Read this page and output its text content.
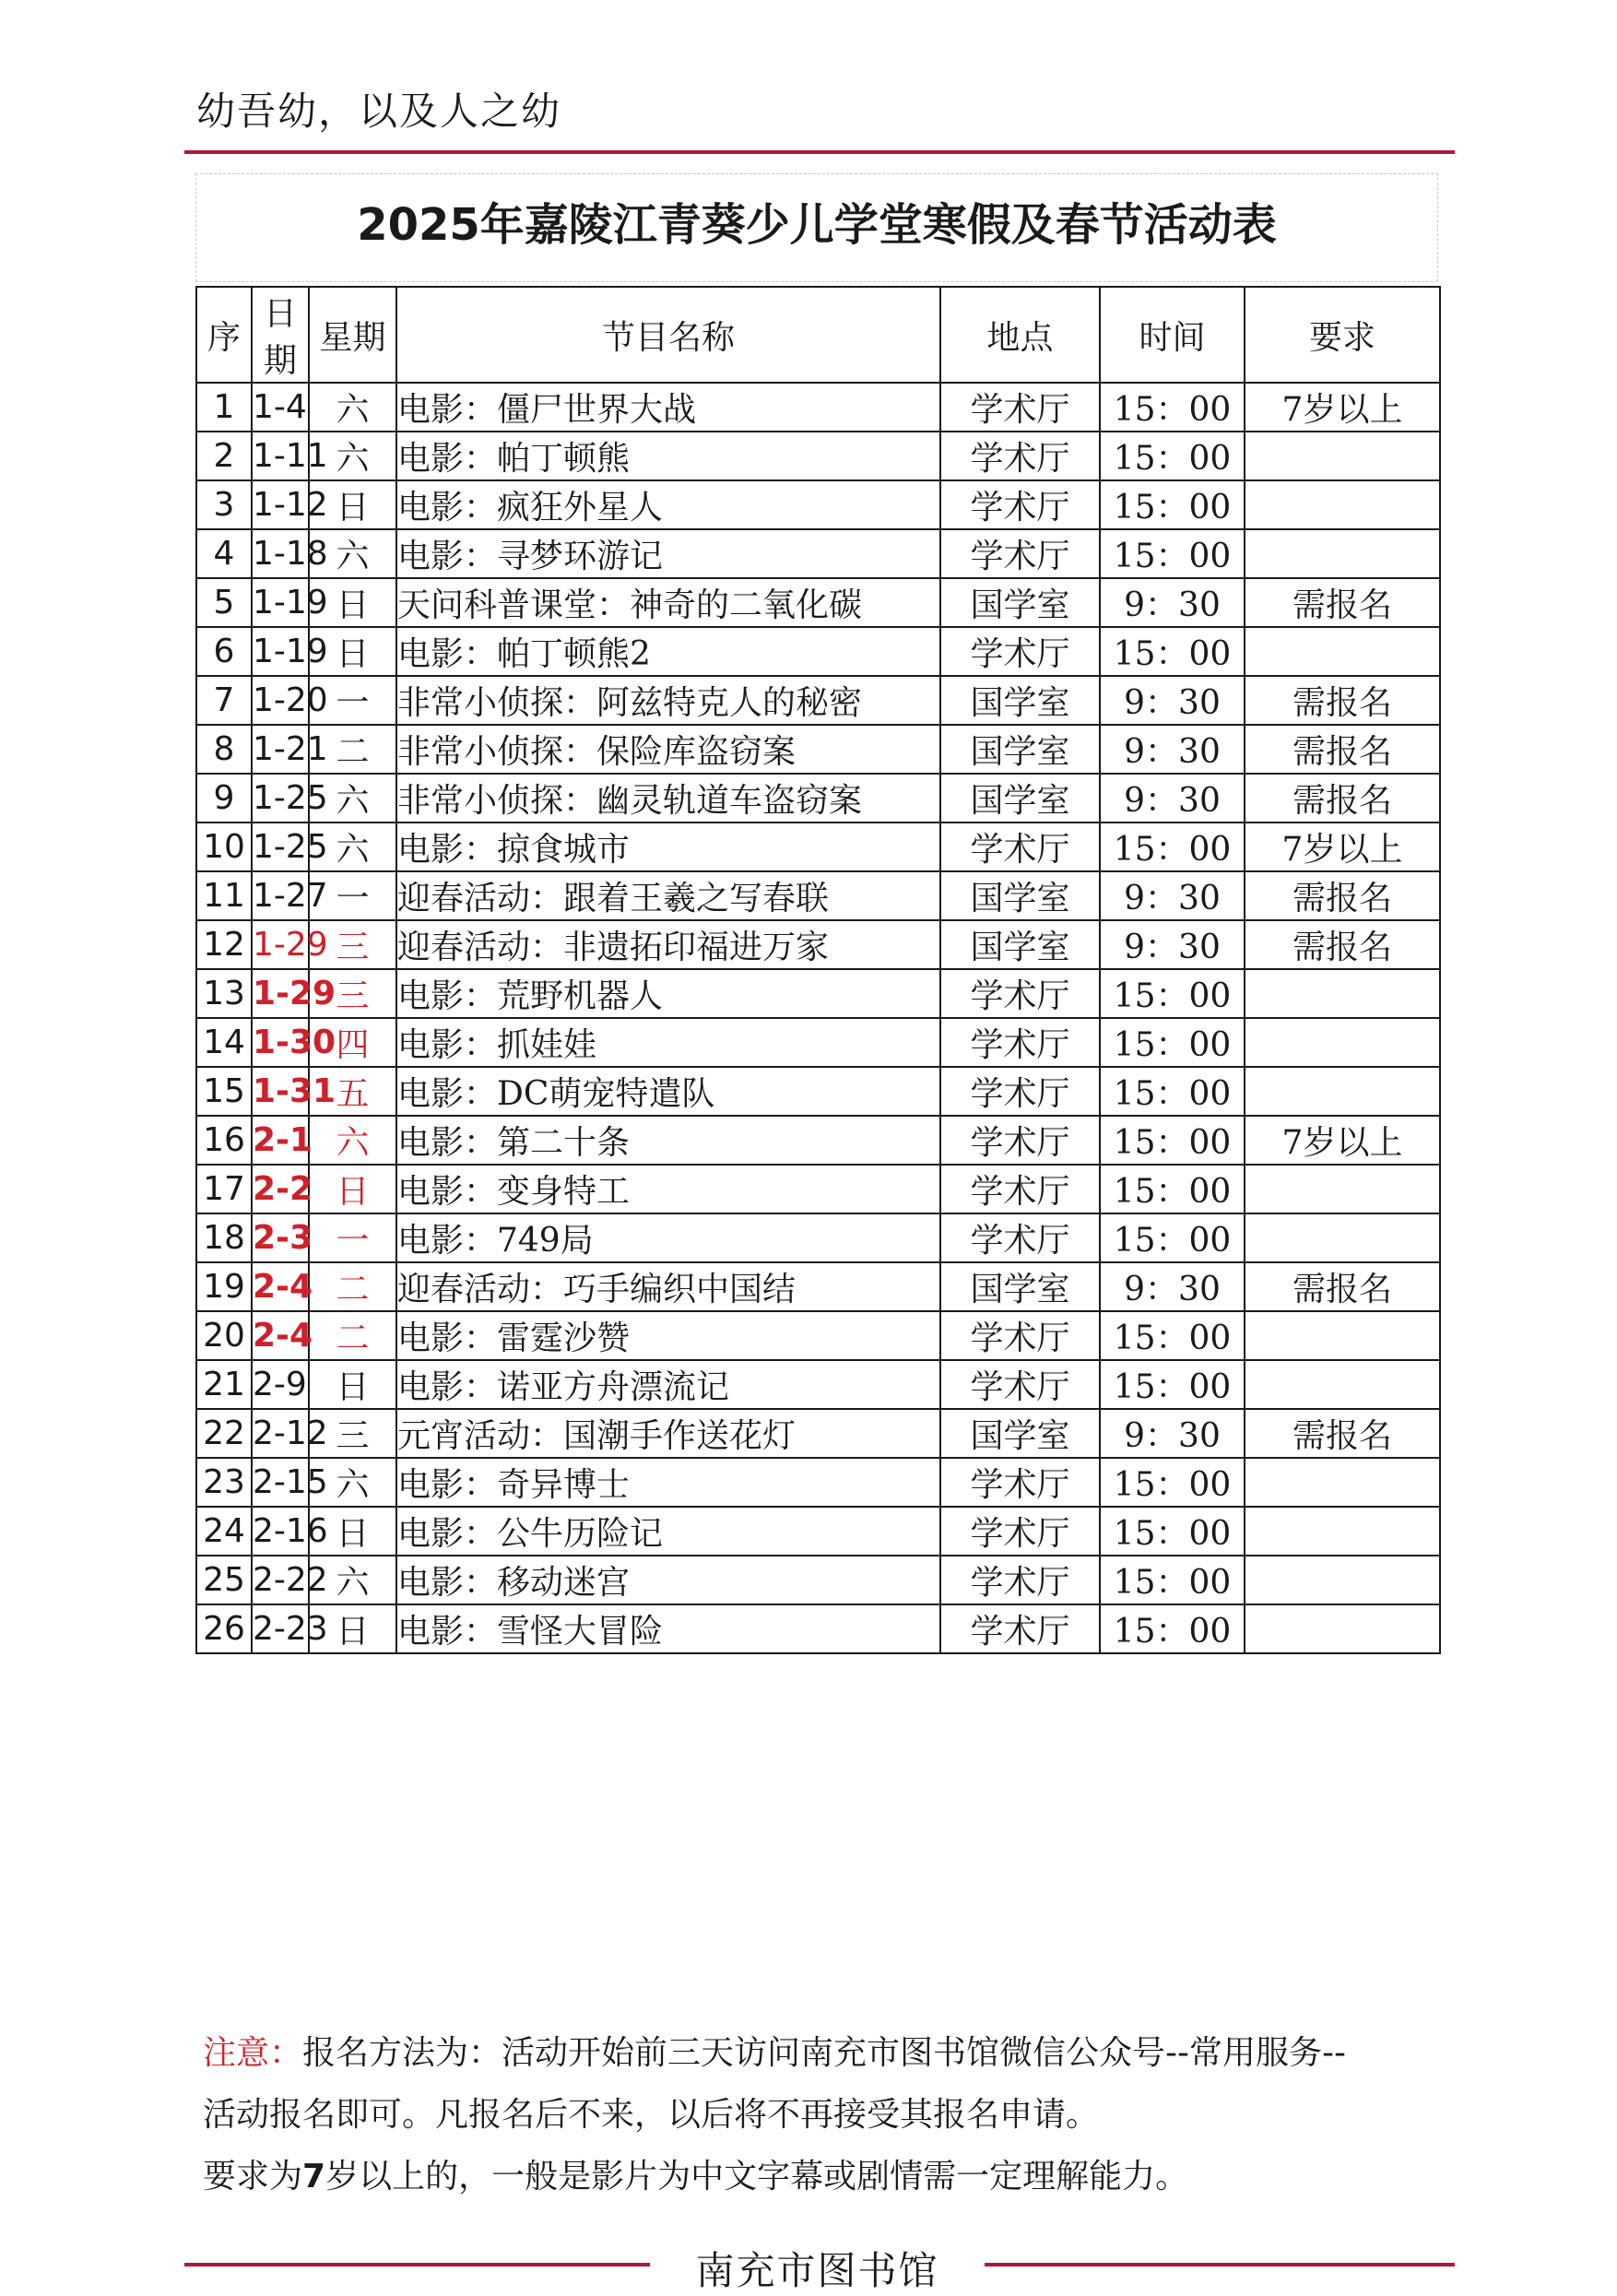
幼吾幼，以及人之幼
2025年嘉陵江青葵少儿学堂寒假及春节活动表
序	日期	星期	节目名称	地点	时间	要求
1	1-4	六	电影：僵尸世界大战	学术厅	15：00	7岁以上
2	1-11	六	电影：帕丁顿熊	学术厅	15：00	
3	1-12	日	电影：疯狂外星人	学术厅	15：00	
4	1-18	六	电影：寻梦环游记	学术厅	15：00	
5	1-19	日	天问科普课堂：神奇的二氧化碳	国学室	9：30	需报名
6	1-19	日	电影：帕丁顿熊2	学术厅	15：00	
7	1-20	一	非常小侦探：阿兹特克人的秘密	国学室	9：30	需报名
8	1-21	二	非常小侦探：保险库盗窃案	国学室	9：30	需报名
9	1-25	六	非常小侦探：幽灵轨道车盗窃案	国学室	9：30	需报名
10	1-25	六	电影：掠食城市	学术厅	15：00	7岁以上
11	1-27	一	迎春活动：跟着王羲之写春联	国学室	9：30	需报名
12	1-29	三	迎春活动：非遗拓印福进万家	国学室	9：30	需报名
13	1-29	三	电影：荒野机器人	学术厅	15：00	
14	1-30	四	电影：抓娃娃	学术厅	15：00	
15	1-31	五	电影：DC萌宠特遣队	学术厅	15：00	
16	2-1	六	电影：第二十条	学术厅	15：00	7岁以上
17	2-2	日	电影：变身特工	学术厅	15：00	
18	2-3	一	电影：749局	学术厅	15：00	
19	2-4	二	迎春活动：巧手编织中国结	国学室	9：30	需报名
20	2-4	二	电影：雷霆沙赞	学术厅	15：00	
21	2-9	日	电影：诺亚方舟漂流记	学术厅	15：00	
22	2-12	三	元宵活动：国潮手作送花灯	国学室	9：30	需报名
23	2-15	六	电影：奇异博士	学术厅	15：00	
24	2-16	日	电影：公牛历险记	学术厅	15：00	
25	2-22	六	电影：移动迷宫	学术厅	15：00	
26	2-23	日	电影：雪怪大冒险	学术厅	15：00	
注意：报名方法为：活动开始前三天访问南充市图书馆微信公众号--常用服务--
活动报名即可。凡报名后不来，以后将不再接受其报名申请。
要求为7岁以上的，一般是影片为中文字幕或剧情需一定理解能力。
南充市图书馆
